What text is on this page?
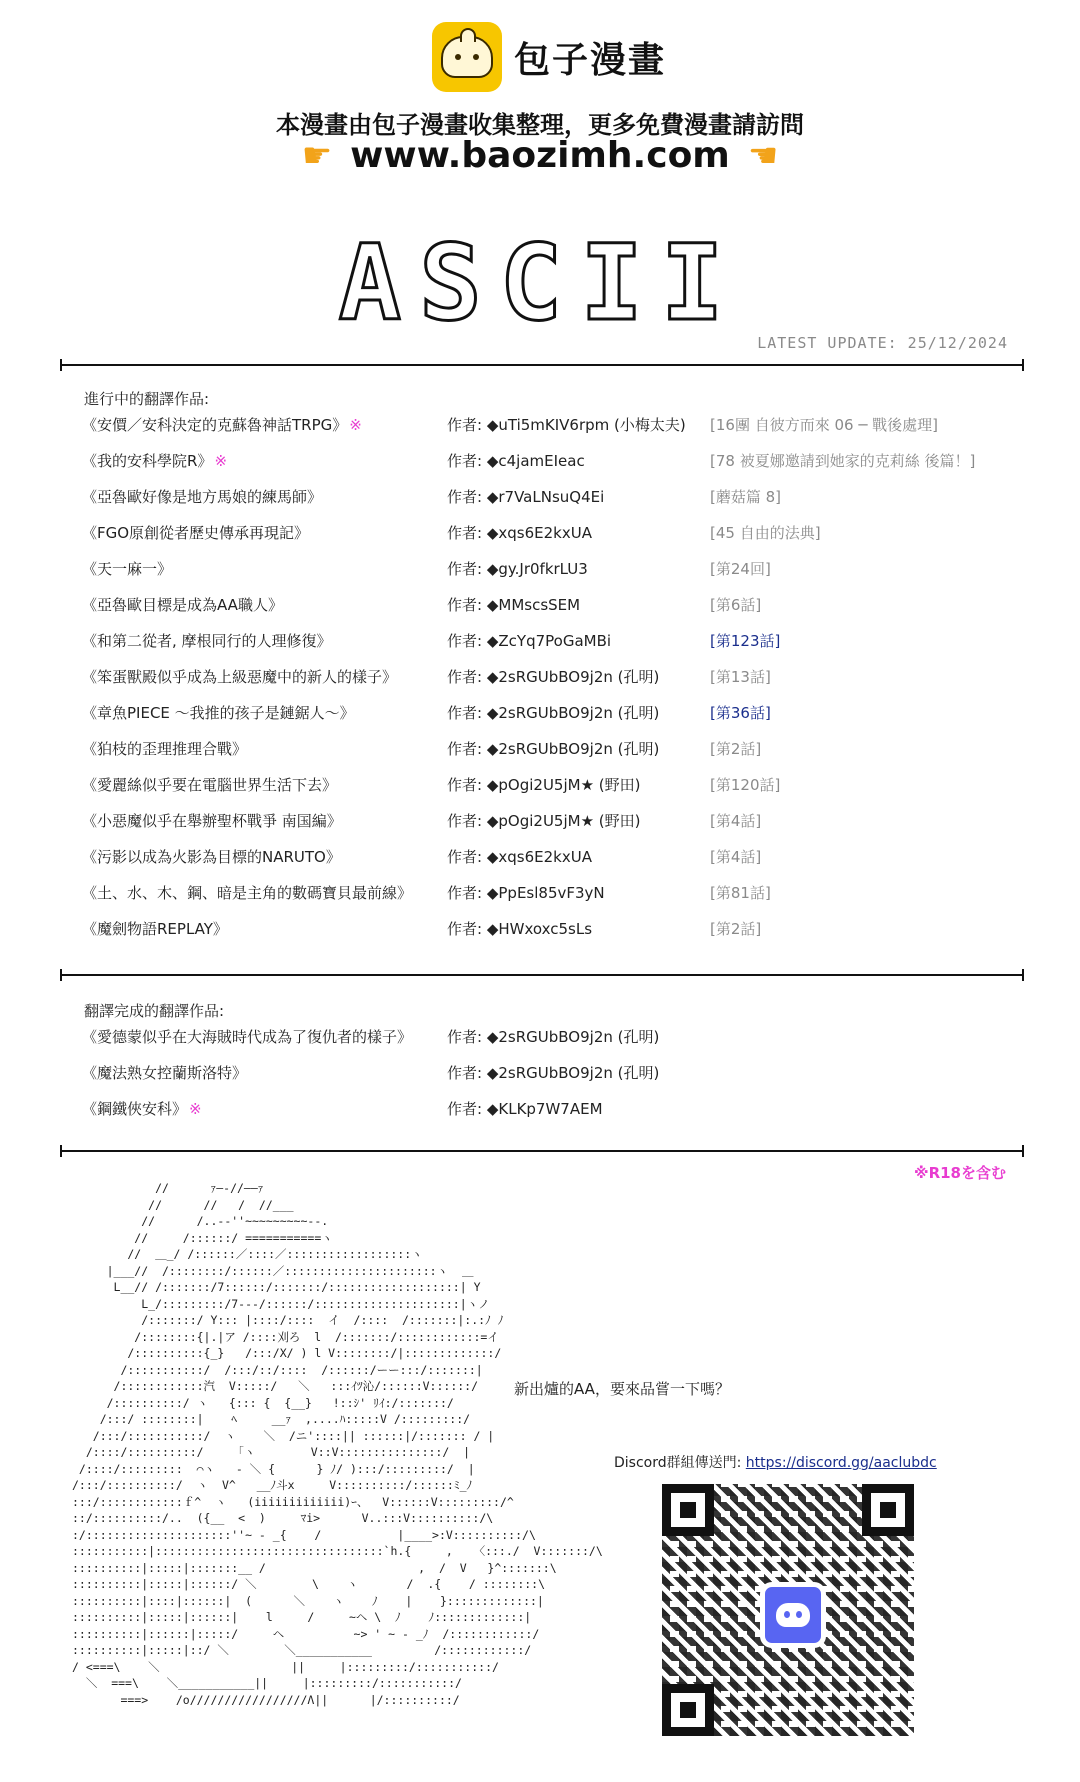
包子漫畫
本漫畫由包子漫畫收集整理，更多免費漫畫請訪問
☛ www.baozimh.com ☚
ASCII	LATEST UPDATE: 25/12/2024
進行中的翻譯作品:
《安價／安科決定的克蘇魯神話TRPG》 ※	作者: ◆uTi5mKIV6rpm (小梅太夫) [16團 自彼方而來 06 ─ 戰後處理]
《我的安科學院R》 ※	作者: ◆c4jamEIeac	[78 被夏娜邀請到她家的克莉絲 後篇！]
《亞魯歐好像是地方馬娘的練馬師》	作者: ◆r7VaLNsuQ4Ei	[蘑菇篇 8]
《FGO原創從者歷史傳承再現記》	作者: ◆xqs6E2kxUA	[45 自由的法典]
《天一麻一》	作者: ◆gy.Jr0fkrLU3	[第24回]
《亞魯歐目標是成為AA職人》	作者: ◆MMscsSEM	[第6話]
《和第二從者, 摩根同行的人理修復》	作者: ◆ZcYq7PoGaMBi	[第123話]
《笨蛋獸殿似乎成為上級惡魔中的新人的樣子》	作者: ◆2sRGUbBO9j2n (孔明)	[第13話]
《章魚PIECE ～我推的孩子是鏈鋸人～》	作者: ◆2sRGUbBO9j2n (孔明)	[第36話]
《狛枝的歪理推理合戰》	作者: ◆2sRGUbBO9j2n (孔明)	[第2話]
《愛麗絲似乎要在電腦世界生活下去》	作者: ◆pOgi2U5jM★ (野田)	[第120話]
《小惡魔似乎在舉辦聖杯戰爭 南国編》	作者: ◆pOgi2U5jM★ (野田)	[第4話]
《污影以成為火影為目標的NARUTO》	作者: ◆xqs6E2kxUA	[第4話]
《土、水、木、鋼、暗是主角的數碼寶貝最前線》 作者: ◆PpEsl85vF3yN	[第81話]
《魔劍物語REPLAY》	作者: ◆HWxoxc5sLs	[第2話]
翻譯完成的翻譯作品:
《愛德蒙似乎在大海賊時代成為了復仇者的樣子》 作者: ◆2sRGUbBO9j2n (孔明)
《魔法熟女控蘭斯洛特》	作者: ◆2sRGUbBO9j2n (孔明)
《鋼鐵俠安科》 ※	作者: ◆KLKp7W7AEM
※R18を含む
//      ｧ―‐//――ｧ
//      //   /  //___
//      /..-‐''~~~~~~~~~‐-.
//     /::::::/ ===========ヽ
//  ＿_/ /::::::／::::／::::::::::::::::::ヽ
|___//  /::::::::/::::::／::::::::::::::::::::::ヽ  ＿
L__// /:::::::/7::::::/:::::::/:::::::::::::::::::| Y
L_/:::::::::/7---/::::::/:::::::::::::::::::::|ヽノ
/:::::::/ Y::: |::::/::::  イ  /::::  /:::::::|:.:ﾉ ﾉ
/::::::::{|.|ア /::::刈ろ  l  /:::::::/::::::::::::=イ
/::::::::::{_}   /:::/X/ ) l V::::::::/|:::::::::::::/
/:::::::::::/  /:::/::/::::  /::::::/ーー:::/:::::::|
/::::::::::::汽  V:::::/   ＼   :::ｲﾂ沁/::::::V::::::/
/::::::::::/ ヽ   {::: {  {__}   !::ｼ' ﾘｲ:/:::::::/
/:::/ ::::::::|    ﾍ     __ｧ  ,....ﾊ:::::V /:::::::::/
/:::/:::::::::::/  ヽ    ＼  /ニ'::::|| ::::::|/::::::: / |
/::::/::::::::::/     ｢ヽ        V::V:::::::::::::::/  |
/::::/:::::::::  ⌒ヽ   - ＼ {      } ﾉ/ ):::/:::::::::/  |
/:::/::::::::::/  ヽ  V^   __ﾉ斗x     V::::::::::/::::::ﾐ_ﾉ
:::/::::::::::::ｆ^  ヽ   (iiiiiiiiiiiii)ｰ、  V::::::V:::::::::/^
::/::::::::::/..  ({__  <  )     ﾏi>      V..:::V::::::::::/\
:/:::::::::::::::::::::''~ - _{    /           |____>:V::::::::::/\
:::::::::::|:::::::::::::::::::::::::::::::::`h.{     ,   〈:::./  V:::::::/\
::::::::::|:::::|:::::::__ /                      ,  /  V   }^:::::::\
::::::::::|:::::|::::::/ ＼        \    ヽ       /  .{    / ::::::::\
::::::::::|::::|::::::|  (      ＼    ヽ    ﾉ    |    }:::::::::::::|
::::::::::|:::::|::::::|    l     /     ~ヘ \  ﾉ    ﾉ:::::::::::::|
::::::::::|::::::|:::::/     ヘ          ~> ' ~ - _ﾉ  /::::::::::::/
::::::::::|:::::|::/ ＼        ＼___________         /::::::::::::/
/ <===\    ＼                   ||     |:::::::::/:::::::::::/
＼  ===\    ＼___________||     |:::::::::/:::::::::::/
===>    /o/////////////////Λ||      |/::::::::::/
新出爐的AA，要來品嘗一下嗎？
Discord群組傳送門: https://discord.gg/aaclubdc
